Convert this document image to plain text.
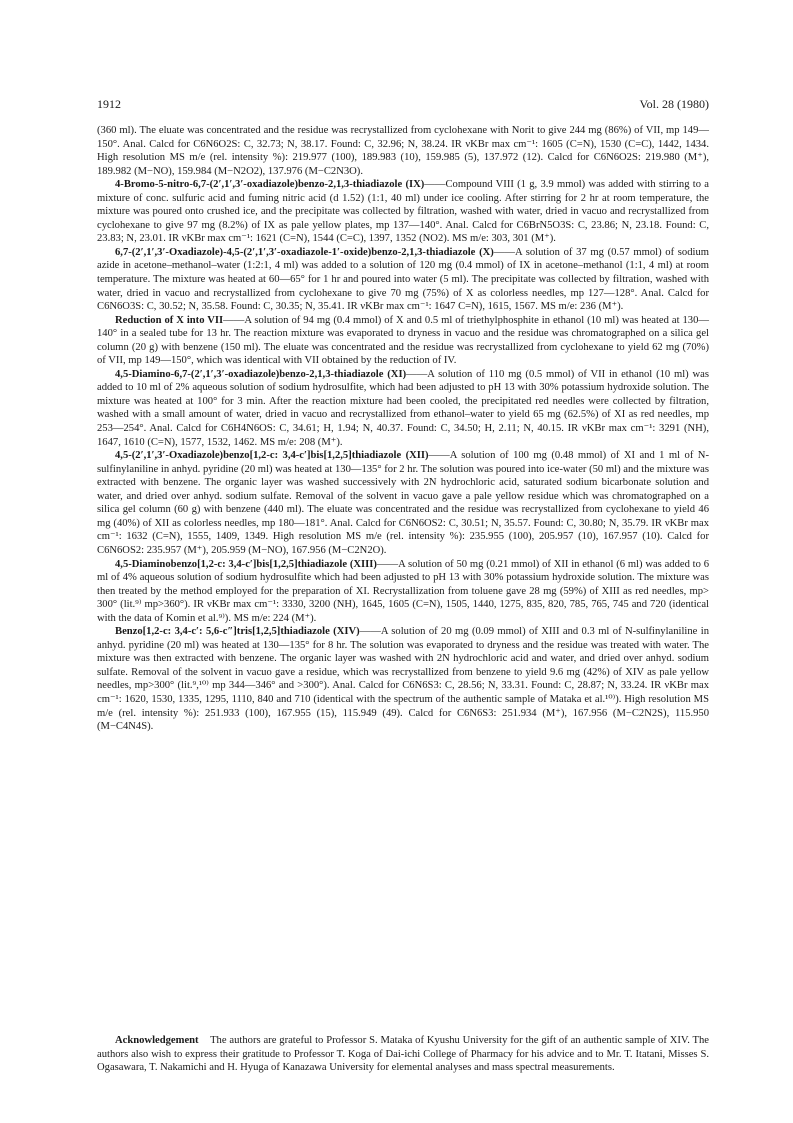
1912	Vol. 28 (1980)

(360 ml). The eluate was concentrated and the residue was recrystallized from cyclohexane with Norit to give 244 mg (86%) of VII, mp 149—150°. Anal. Calcd for C6N6O2S: C, 32.73; N, 38.17. Found: C, 32.96; N, 38.24. IR νKBr max cm⁻¹: 1605 (C=N), 1530 (C=C), 1442, 1434. High resolution MS m/e (rel. intensity %): 219.977 (100), 189.983 (10), 159.985 (5), 137.972 (12). Calcd for C6N6O2S: 219.980 (M⁺), 189.982 (M−NO), 159.984 (M−N2O2), 137.976 (M−C2N3O).

4-Bromo-5-nitro-6,7-(2′,1′,3′-oxadiazole)benzo-2,1,3-thiadiazole (IX)——Compound VIII (1 g, 3.9 mmol) was added with stirring to a mixture of conc. sulfuric acid and fuming nitric acid (d 1.52) (1:1, 40 ml) under ice cooling. After stirring for 2 hr at room temperature, the mixture was poured onto crushed ice, and the precipitate was collected by filtration, washed with water, dried in vacuo and recrystallized from cyclohexane to give 97 mg (8.2%) of IX as pale yellow plates, mp 137—140°. Anal. Calcd for C6BrN5O3S: C, 23.86; N, 23.18. Found: C, 23.83; N, 23.01. IR νKBr max cm⁻¹: 1621 (C=N), 1544 (C=C), 1397, 1352 (NO2). MS m/e: 303, 301 (M⁺).

6,7-(2′,1′,3′-Oxadiazole)-4,5-(2′,1′,3′-oxadiazole-1′-oxide)benzo-2,1,3-thiadiazole (X)——A solution of 37 mg (0.57 mmol) of sodium azide in acetone–methanol–water (1:2:1, 4 ml) was added to a solution of 120 mg (0.4 mmol) of IX in acetone–methanol (1:1, 4 ml) at room temperature. The mixture was heated at 60—65° for 1 hr and poured into water (5 ml). The precipitate was collected by filtration, washed with water, dried in vacuo and recrystallized from cyclohexane to give 70 mg (75%) of X as colorless needles, mp 127—128°. Anal. Calcd for C6N6O3S: C, 30.52; N, 35.58. Found: C, 30.35; N, 35.41. IR νKBr max cm⁻¹: 1647 C=N), 1615, 1567. MS m/e: 236 (M⁺).

Reduction of X into VII——A solution of 94 mg (0.4 mmol) of X and 0.5 ml of triethylphosphite in ethanol (10 ml) was heated at 130—140° in a sealed tube for 13 hr. The reaction mixture was evaporated to dryness in vacuo and the residue was chromatographed on a silica gel column (20 g) with benzene (150 ml). The eluate was concentrated and the residue was recrystallized from cyclohexane to yield 62 mg (70%) of VII, mp 149—150°, which was identical with VII obtained by the reduction of IV.

4,5-Diamino-6,7-(2′,1′,3′-oxadiazole)benzo-2,1,3-thiadiazole (XI)——A solution of 110 mg (0.5 mmol) of VII in ethanol (10 ml) was added to 10 ml of 2% aqueous solution of sodium hydrosulfite, which had been adjusted to pH 13 with 30% potassium hydroxide solution. The mixture was heated at 100° for 3 min. After the reaction mixture had been cooled, the precipitated red needles were collected by filtration, washed with a small amount of water, dried in vacuo and recrystallized from ethanol–water to yield 65 mg (62.5%) of XI as red needles, mp 253—254°. Anal. Calcd for C6H4N6OS: C, 34.61; H, 1.94; N, 40.37. Found: C, 34.50; H, 2.11; N, 40.15. IR νKBr max cm⁻¹: 3291 (NH), 1647, 1610 (C=N), 1577, 1532, 1462. MS m/e: 208 (M⁺).

4,5-(2′,1′,3′-Oxadiazole)benzo[1,2-c: 3,4-c′]bis[1,2,5]thiadiazole (XII)——A solution of 100 mg (0.48 mmol) of XI and 1 ml of N-sulfinylaniline in anhyd. pyridine (20 ml) was heated at 130—135° for 2 hr. The solution was poured into ice-water (50 ml) and the mixture was extracted with benzene. The organic layer was washed successively with 2N hydrochloric acid, saturated sodium bicarbonate solution and water, and dried over anhyd. sodium sulfate. Removal of the solvent in vacuo gave a pale yellow residue which was chromatographed on a silica gel column (60 g) with benzene (440 ml). The eluate was concentrated and the residue was recrystallized from cyclohexane to yield 46 mg (40%) of XII as colorless needles, mp 180—181°. Anal. Calcd for C6N6OS2: C, 30.51; N, 35.57. Found: C, 30.80; N, 35.79. IR νKBr max cm⁻¹: 1632 (C=N), 1555, 1409, 1349. High resolution MS m/e (rel. intensity %): 235.955 (100), 205.957 (10), 167.957 (10). Calcd for C6N6OS2: 235.957 (M⁺), 205.959 (M−NO), 167.956 (M−C2N2O).

4,5-Diaminobenzo[1,2-c: 3,4-c′]bis[1,2,5]thiadiazole (XIII)——A solution of 50 mg (0.21 mmol) of XII in ethanol (6 ml) was added to 6 ml of 4% aqueous solution of sodium hydrosulfite which had been adjusted to pH 13 with 30% potassium hydroxide solution. The mixture was then treated by the method employed for the preparation of XI. Recrystallization from toluene gave 28 mg (59%) of XIII as red needles, mp> 300° (lit.⁹⁾ mp>360°). IR νKBr max cm⁻¹: 3330, 3200 (NH), 1645, 1605 (C=N), 1505, 1440, 1275, 835, 820, 785, 765, 745 and 720 (identical with the data of Komin et al.⁹⁾). MS m/e: 224 (M⁺).

Benzo[1,2-c: 3,4-c′: 5,6-c″]tris[1,2,5]thiadiazole (XIV)——A solution of 20 mg (0.09 mmol) of XIII and 0.3 ml of N-sulfinylaniline in anhyd. pyridine (20 ml) was heated at 130—135° for 8 hr. The solution was evaporated to dryness and the residue was treated with water. The mixture was then extracted with benzene. The organic layer was washed with 2N hydrochloric acid and water, and dried over anhyd. sodium sulfate. Removal of the solvent in vacuo gave a residue, which was recrystallized from benzene to yield 9.6 mg (42%) of XIV as pale yellow needles, mp>300° (lit.⁹,¹⁰⁾ mp 344—346° and >300°). Anal. Calcd for C6N6S3: C, 28.56; N, 33.31. Found: C, 28.87; N, 33.24. IR νKBr max cm⁻¹: 1620, 1530, 1335, 1295, 1110, 840 and 710 (identical with the spectrum of the authentic sample of Mataka et al.¹⁰⁾). High resolution MS m/e (rel. intensity %): 251.933 (100), 167.955 (15), 115.949 (49). Calcd for C6N6S3: 251.934 (M⁺), 167.956 (M−C2N2S), 115.950 (M−C4N4S).

Acknowledgement The authors are grateful to Professor S. Mataka of Kyushu University for the gift of an authentic sample of XIV. The authors also wish to express their gratitude to Professor T. Koga of Dai-ichi College of Pharmacy for his advice and to Mr. T. Itatani, Misses S. Ogasawara, T. Nakamichi and H. Hyuga of Kanazawa University for elemental analyses and mass spectral measurements.
